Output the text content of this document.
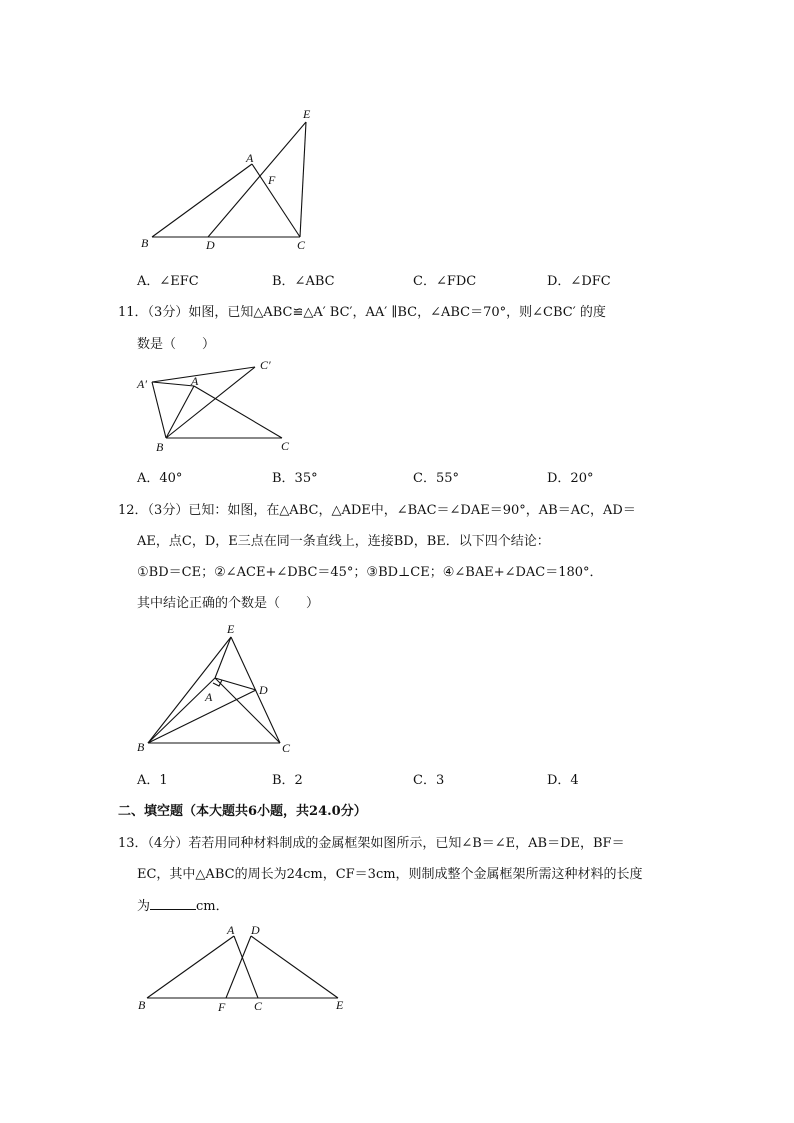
E
A
F
B	D	C
A．∠EFC	B．∠ABC	C．∠FDC	D．∠DFC
11．（3分）如图，已知△ABC≌△A′ BC′，AA′ ∥BC，∠ABC＝70°，则∠CBC′ 的度
数是（　　）
A′	A
C′
B	C
A．40°	B．35°	C．55°	D．20°
12．（3分）已知：如图，在△ABC，△ADE中，∠BAC＝∠DAE＝90°，AB＝AC，AD＝
AE，点C，D，E三点在同一条直线上，连接BD，BE．以下四个结论：
①BD＝CE；②∠ACE+∠DBC＝45°；③BD⊥CE；④∠BAE+∠DAC＝180°．
其中结论正确的个数是（　　）
E
D
A
B	C
A．1	B．2	C．3	D．4
二、填空题（本大题共6小题，共24.0分）
13．（4分）若若用同种材料制成的金属框架如图所示，已知∠B＝∠E，AB＝DE，BF＝
EC，其中△ABC的周长为24cm，CF＝3cm，则制成整个金属框架所需这种材料的长度
为	cm．
A D
B	F C	E
